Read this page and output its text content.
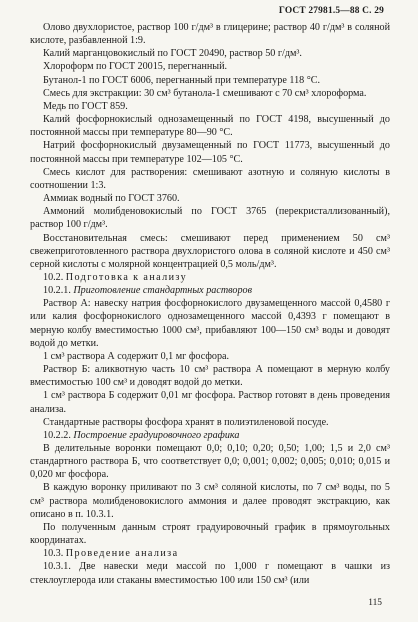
ГОСТ 27981.5—88 С. 29

Олово двухлористое, раствор 100 г/дм³ в глицерине; раствор 40 г/дм³ в соляной кислоте, разбавленной 1:9.

Калий марганцовокислый по ГОСТ 20490, раствор 50 г/дм³.

Хлороформ по ГОСТ 20015, перегнанный.

Бутанол-1 по ГОСТ 6006, перегнанный при температуре 118 °С.

Смесь для экстракции: 30 см³ бутанола-1 смешивают с 70 см³ хлороформа.

Медь по ГОСТ 859.

Калий фосфорнокислый однозамещенный по ГОСТ 4198, высушенный до постоянной массы при температуре 80—90 °С.

Натрий фосфорнокислый двузамещенный по ГОСТ 11773, высушенный до постоянной массы при температуре 102—105 °С.

Смесь кислот для растворения: смешивают азотную и соляную кислоты в соотношении 1:3.

Аммиак водный по ГОСТ 3760.

Аммоний молибденовокислый по ГОСТ 3765 (перекристаллизованный), раствор 100 г/дм³.

Восстановительная смесь: смешивают перед применением 50 см³ свежеприготовленного раствора двухлористого олова в соляной кислоте и 450 см³ серной кислоты с молярной концентрацией 0,5 моль/дм³.

10.2. Подготовка к анализу

10.2.1. Приготовление стандартных растворов

Раствор А: навеску натрия фосфорнокислого двузамещенного массой 0,4580 г или калия фосфорнокислого однозамещенного массой 0,4393 г помещают в мерную колбу вместимостью 1000 см³, прибавляют 100—150 см³ воды и доводят водой до метки.

1 см³ раствора А содержит 0,1 мг фосфора.

Раствор Б: аликвотную часть 10 см³ раствора А помещают в мерную колбу вместимостью 100 см³ и доводят водой до метки.

1 см³ раствора Б содержит 0,01 мг фосфора. Раствор готовят в день проведения анализа.

Стандартные растворы фосфора хранят в полиэтиленовой посуде.

10.2.2. Построение градуировочного графика

В делительные воронки помещают 0,0; 0,10; 0,20; 0,50; 1,00; 1,5 и 2,0 см³ стандартного раствора Б, что соответствует 0,0; 0,001; 0,002; 0,005; 0,010; 0,015 и 0,020 мг фосфора.

В каждую воронку приливают по 3 см³ соляной кислоты, по 7 см³ воды, по 5 см³ раствора молибденовокислого аммония и далее проводят экстракцию, как описано в п. 10.3.1.

По полученным данным строят градуировочный график в прямоугольных координатах.

10.3. Проведение анализа

10.3.1. Две навески меди массой по 1,000 г помещают в чашки из стеклоуглерода или стаканы вместимостью 100 или 150 см³ (или

115
